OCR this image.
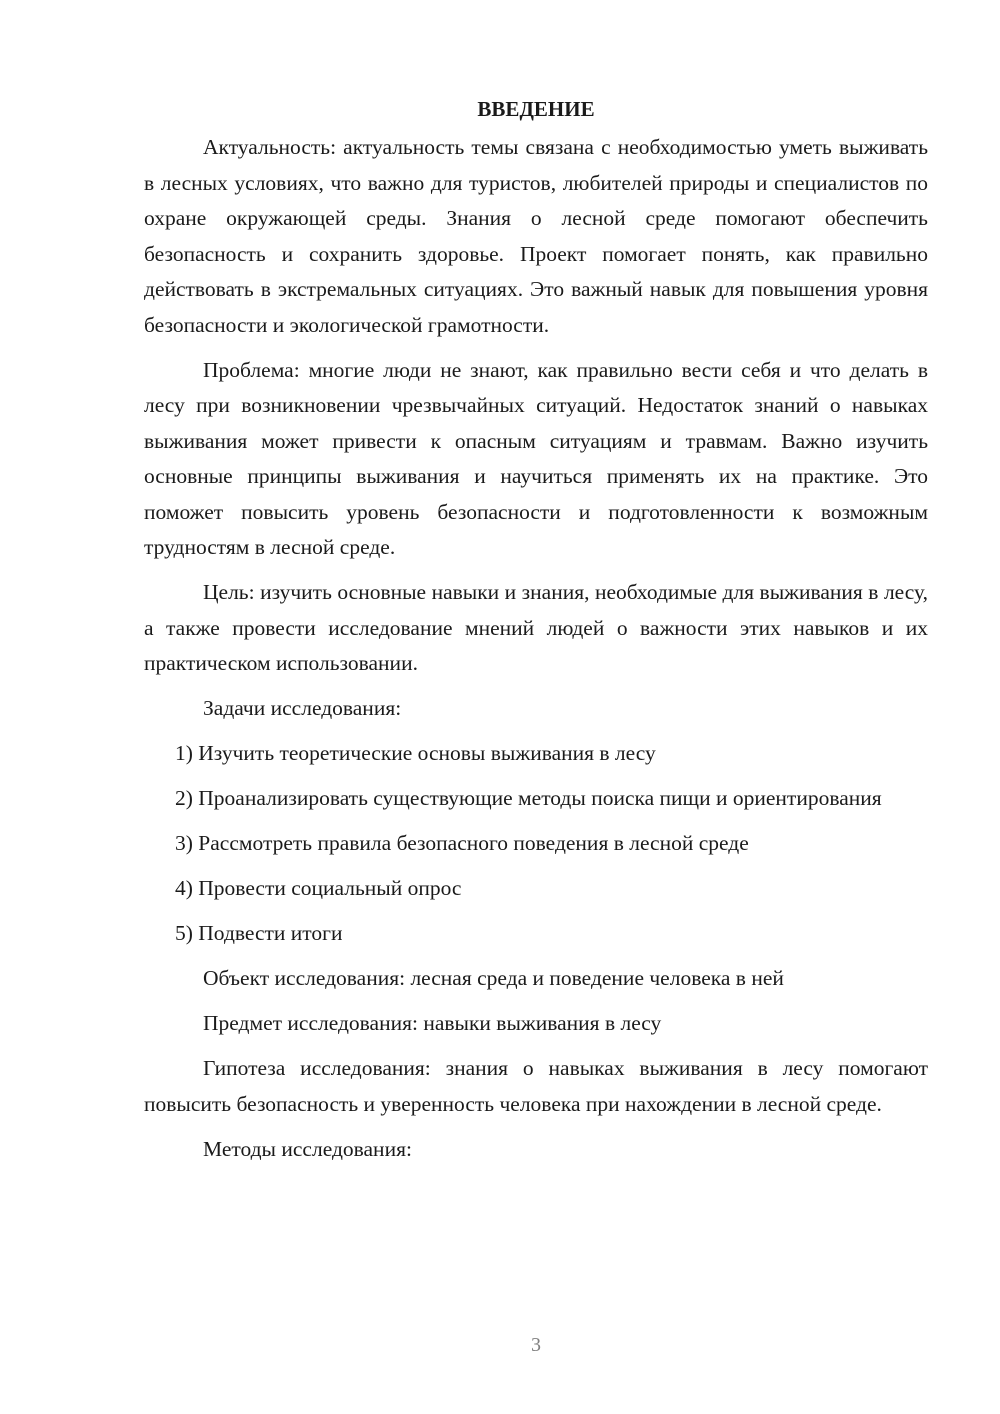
ВВЕДЕНИЕ

Актуальность: актуальность темы связана с необходимостью уметь выживать в лесных условиях, что важно для туристов, любителей природы и специалистов по охране окружающей среды. Знания о лесной среде помогают обеспечить безопасность и сохранить здоровье. Проект помогает понять, как правильно действовать в экстремальных ситуациях. Это важный навык для повышения уровня безопасности и экологической грамотности.

Проблема: многие люди не знают, как правильно вести себя и что делать в лесу при возникновении чрезвычайных ситуаций. Недостаток знаний о навыках выживания может привести к опасным ситуациям и травмам. Важно изучить основные принципы выживания и научиться применять их на практике. Это поможет повысить уровень безопасности и подготовленности к возможным трудностям в лесной среде.

Цель: изучить основные навыки и знания, необходимые для выживания в лесу, а также провести исследование мнений людей о важности этих навыков и их практическом использовании.

Задачи исследования:

1) Изучить теоретические основы выживания в лесу

2) Проанализировать существующие методы поиска пищи и ориентирования

3) Рассмотреть правила безопасного поведения в лесной среде

4) Провести социальный опрос

5) Подвести итоги

Объект исследования: лесная среда и поведение человека в ней

Предмет исследования: навыки выживания в лесу

Гипотеза исследования: знания о навыках выживания в лесу помогают повысить безопасность и уверенность человека при нахождении в лесной среде.

Методы исследования:

3
